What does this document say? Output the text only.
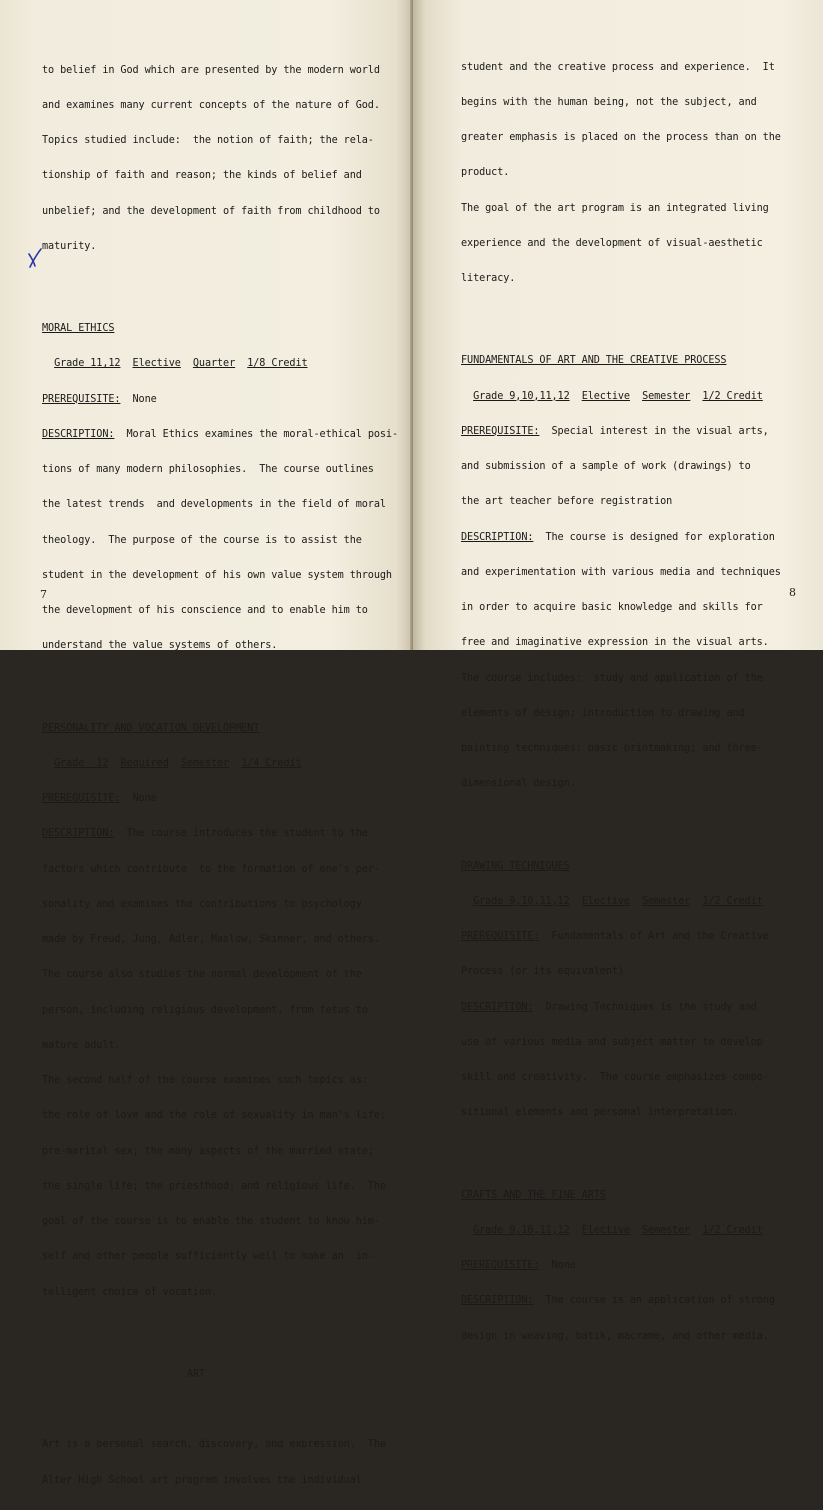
to belief in God which are presented by the modern world

and examines many current concepts of the nature of God.

Topics studied include:  the notion of faith; the rela-

tionship of faith and reason; the kinds of belief and

unbelief; and the development of faith from childhood to

maturity.

MORAL ETHICS

Grade 11,12 Elective Quarter 1/8 Credit

PREREQUISITE: None

DESCRIPTION: Moral Ethics examines the moral-ethical posi-

tions of many modern philosophies.  The course outlines

the latest trends  and developments in the field of moral

theology.  The purpose of the course is to assist the

student in the development of his own value system through

the development of his conscience and to enable him to

understand the value systems of others.

PERSONALITY AND VOCATION DEVELOPMENT

Grade  12 Required Semester 1/4 Credit

PREREQUISITE: None

DESCRIPTION: The course introduces the student to the

factors which contribute  to the formation of one's per-

sonality and examines the contributions to psychology

made by Freud, Jung, Adler, Maslow, Skinner, and others.

The course also studies the normal development of the

person, including religious development, from fetus to

mature adult.

The second half of the course examines such topics as:

the role of love and the role of sexuality in man's life;

pre-marital sex; the many aspects of the married state;

the single life; the priesthood; and religious life.  The

goal of the course is to enable the student to know him-

self and other people sufficiently well to make an  in-

telligent choice of vocation.

ART

Art is a personal search, discovery, and expression.  The

Alter High School art program involves the individual

7

student and the creative process and experience.  It

begins with the human being, not the subject, and

greater emphasis is placed on the process than on the

product.

The goal of the art program is an integrated living

experience and the development of visual-aesthetic

literacy.

FUNDAMENTALS OF ART AND THE CREATIVE PROCESS

Grade 9,10,11,12 Elective Semester 1/2 Credit

PREREQUISITE: Special interest in the visual arts,

and submission of a sample of work (drawings) to

the art teacher before registration

DESCRIPTION: The course is designed for exploration

and experimentation with various media and techniques

in order to acquire basic knowledge and skills for

free and imaginative expression in the visual arts.

The course includes:  study and application of the

elements of design; introduction to drawing and

painting techniques; basic printmaking; and three-

dimensional design.

DRAWING TECHNIQUES

Grade 9,10,11,12 Elective Semester 1/2 Credit

PREREQUISITE: Fundamentals of Art and the Creative

Process (or its equivalent)

DESCRIPTION: Drawing Techniques is the study and

use of various media and subject matter to develop

skill and creativity.  The course emphasizes compo-

sitional elements and personal interpretation.

CRAFTS AND THE FINE ARTS

Grade 9,10,11,12 Elective Semester 1/2 Credit

PREREQUISITE: None

DESCRIPTION: The course is an application of strong

design in weaving, batik, macrame, and other media.

8
